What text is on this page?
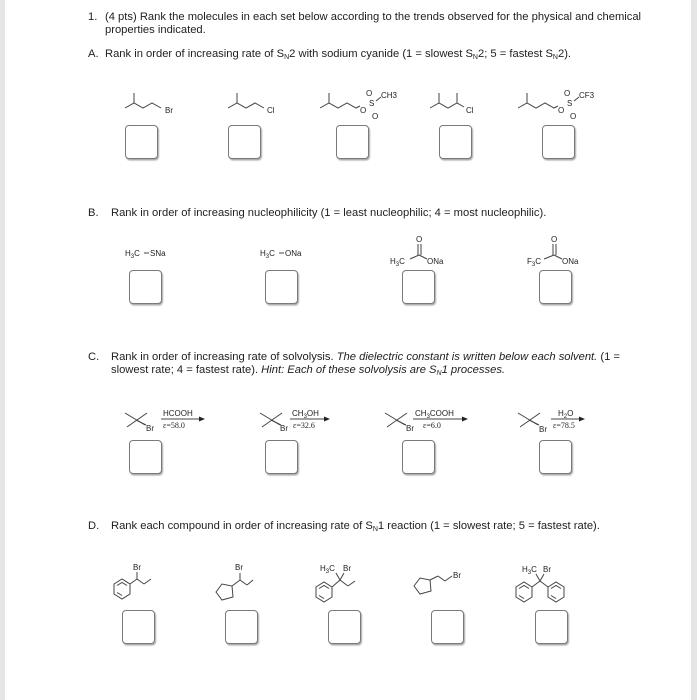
1. (4 pts) Rank the molecules in each set below according to the trends observed for the physical and chemical
properties indicated.
A. Rank in order of increasing rate of $S_N2$ with sodium cyanide (1 = slowest $S_N2$; 5 = fastest $S_N2$).
Br	Cl	O
S
O
O
CH3
Cl	O
S
O
O
CF3
B. Rank in order of increasing nucleophilicity (1 = least nucleophilic; 4 = most nucleophilic).
$H_3C$ SNa	$H_3C$ ONa
O
$H_3C$	ONa
O
$F_3C$	ONa
C. Rank in order of increasing rate of solvolysis. The dielectric constant is written below each solvent. (1 =
slowest rate; 4 = fastest rate). Hint: Each of these solvolysis are $S_N1$ processes.
Br
HCOOH
ε=58.0	Br
$CH_3OH$
ε=32.6	Br
$CH_3COOH$
ε=6.0	Br
$H_2O$
ε=78.5
D. Rank each compound in order of increasing rate of $S_N1$ reaction (1 = slowest rate; 5 = fastest rate).
Br	Br	$H_3C$ Br
Br
$H_3C$ Br
